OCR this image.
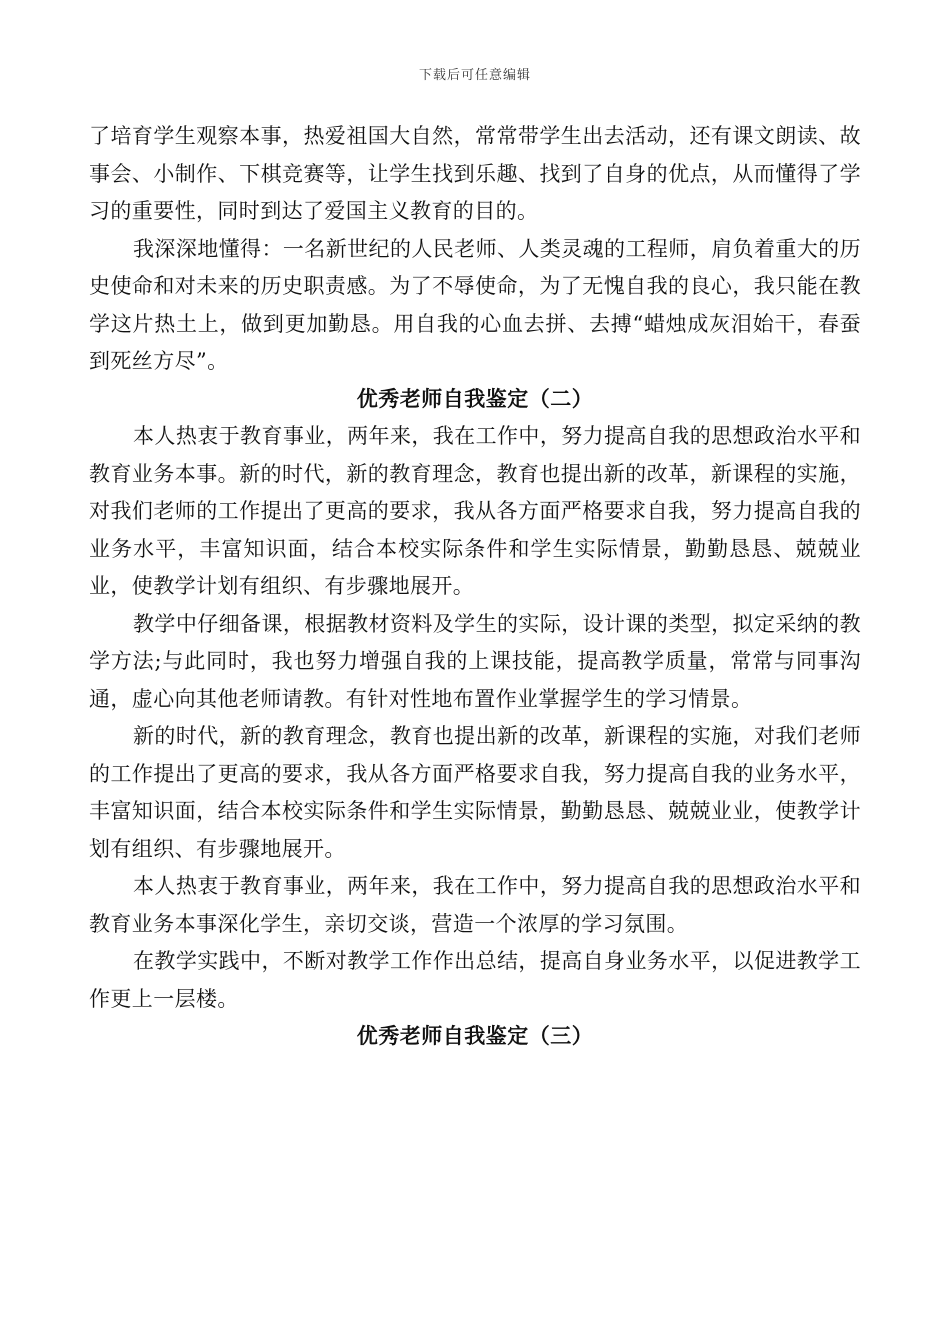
下载后可任意编辑

了培育学生观察本事，热爱祖国大自然，常常带学生出去活动，还有课文朗读、故事会、小制作、下棋竞赛等，让学生找到乐趣、找到了自身的优点，从而懂得了学习的重要性，同时到达了爱国主义教育的目的。

我深深地懂得：一名新世纪的人民老师、人类灵魂的工程师，肩负着重大的历史使命和对未来的历史职责感。为了不辱使命，为了无愧自我的良心，我只能在教学这片热土上，做到更加勤恳。用自我的心血去拼、去搏“蜡烛成灰泪始干，春蚕到死丝方尽”。

优秀老师自我鉴定（二）

本人热衷于教育事业，两年来，我在工作中，努力提高自我的思想政治水平和教育业务本事。新的时代，新的教育理念，教育也提出新的改革，新课程的实施，对我们老师的工作提出了更高的要求，我从各方面严格要求自我，努力提高自我的业务水平，丰富知识面，结合本校实际条件和学生实际情景，勤勤恳恳、兢兢业业，使教学计划有组织、有步骤地展开。

教学中仔细备课，根据教材资料及学生的实际，设计课的类型，拟定采纳的教学方法;与此同时，我也努力增强自我的上课技能，提高教学质量，常常与同事沟通，虚心向其他老师请教。有针对性地布置作业掌握学生的学习情景。

新的时代，新的教育理念，教育也提出新的改革，新课程的实施，对我们老师的工作提出了更高的要求，我从各方面严格要求自我，努力提高自我的业务水平，丰富知识面，结合本校实际条件和学生实际情景，勤勤恳恳、兢兢业业，使教学计划有组织、有步骤地展开。

本人热衷于教育事业，两年来，我在工作中，努力提高自我的思想政治水平和教育业务本事深化学生，亲切交谈，营造一个浓厚的学习氛围。

在教学实践中，不断对教学工作作出总结，提高自身业务水平，以促进教学工作更上一层楼。

优秀老师自我鉴定（三）
